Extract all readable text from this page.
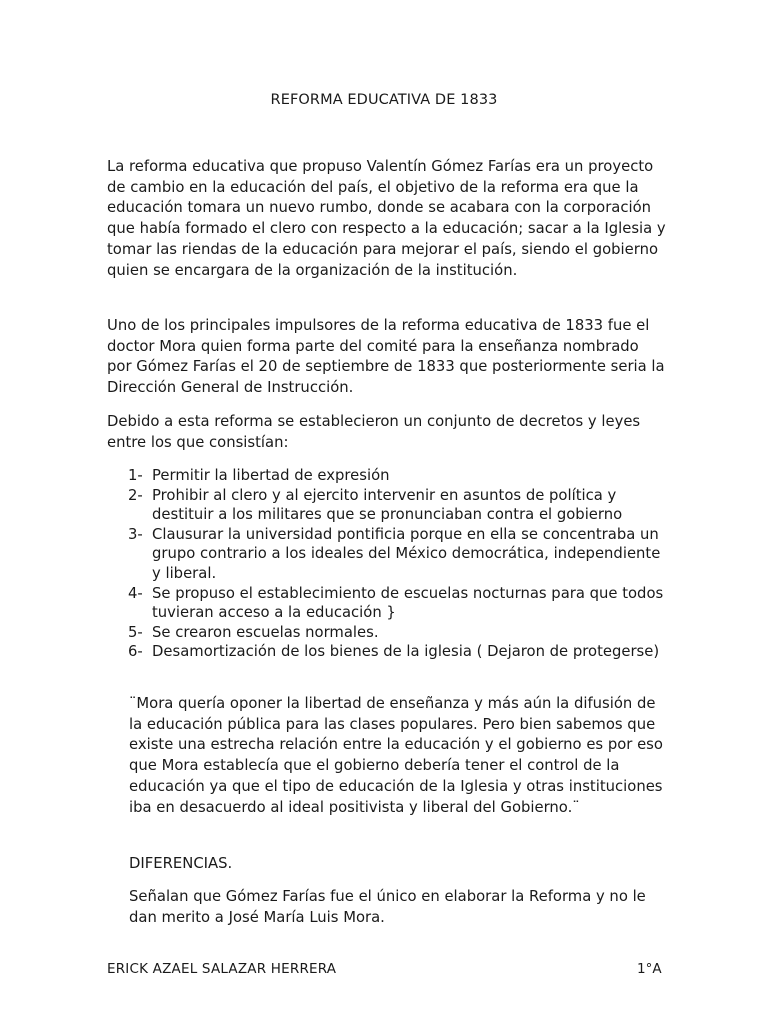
REFORMA EDUCATIVA DE 1833

La reforma educativa que propuso Valentín Gómez Farías era un proyecto de cambio en la educación del país, el objetivo de la reforma era que la educación tomara un nuevo rumbo, donde se acabara con la corporación que había formado el clero con respecto a la educación; sacar a la Iglesia y tomar las riendas de la educación para mejorar el país, siendo el gobierno quien se encargara de la organización de la institución.

Uno de los principales impulsores de la reforma educativa de 1833 fue el doctor Mora quien forma parte del comité para la enseñanza nombrado por Gómez Farías el 20 de septiembre de 1833 que posteriormente seria la Dirección General de Instrucción.

Debido a esta reforma se establecieron un conjunto de decretos y leyes entre los que consistían:

1- Permitir la libertad de expresión
2- Prohibir al clero y al ejercito intervenir en asuntos de política y destituir a los militares que se pronunciaban contra el gobierno
3- Clausurar la universidad pontificia porque en ella se concentraba un grupo contrario a los ideales del México democrática, independiente y liberal.
4- Se propuso el establecimiento de escuelas nocturnas para que todos tuvieran acceso a la educación }
5- Se crearon escuelas normales.
6- Desamortización de los bienes de la iglesia ( Dejaron de protegerse)

¨Mora quería oponer la libertad de enseñanza y más aún la difusión de la educación pública para las clases populares. Pero bien sabemos que existe una estrecha relación entre la educación y el gobierno es por eso que Mora establecía que el gobierno debería tener el control de la educación ya que el tipo de educación de la Iglesia y otras instituciones iba en desacuerdo al ideal positivista y liberal del Gobierno.¨

DIFERENCIAS.

Señalan que Gómez Farías fue el único en elaborar la Reforma y no le dan merito a José María Luis Mora.

ERICK AZAEL SALAZAR HERRERA	1°A
